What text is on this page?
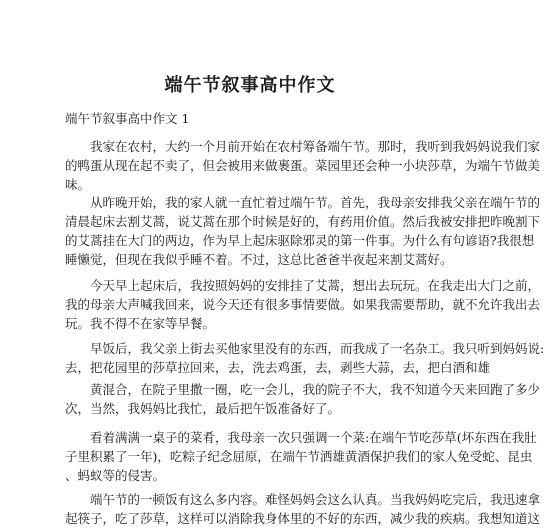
端午节叙事高中作文
端午节叙事高中作文 1
　　我家在农村，大约一个月前开始在农村筹备端午节。那时，我听到我妈妈说我们家
的鸭蛋从现在起不卖了，但会被用来做裹蛋。菜园里还会种一小块莎草，为端午节做美
味。
　　从昨晚开始，我的家人就一直忙着过端午节。首先，我母亲安排我父亲在端午节的
清晨起床去割艾蒿，说艾蒿在那个时候是好的，有药用价值。然后我被安排把昨晚割下
的艾蒿挂在大门的两边，作为早上起床驱除邪灵的第一件事。为什么有句谚语?我很想
睡懒觉，但现在我似乎睡不着。不过，这总比爸爸半夜起来割艾蒿好。
　　今天早上起床后，我按照妈妈的安排挂了艾蒿，想出去玩玩。在我走出大门之前，
我的母亲大声喊我回来，说今天还有很多事情要做。如果我需要帮助，就不允许我出去
玩。我不得不在家等早餐。
　　早饭后，我父亲上街去买他家里没有的东西，而我成了一名杂工。我只听到妈妈说:
去，把花园里的莎草拉回来，去，洗去鸡蛋，去，剥些大蒜，去，把白酒和雄
　　黄混合，在院子里撒一圈，吃一会儿，我的院子不大，我不知道今天来回跑了多少
次，当然，我妈妈比我忙，最后把午饭准备好了。
　　看着满满一桌子的菜肴，我母亲一次只强调一个菜:在端午节吃莎草(坏东西在我肚
子里积累了一年)，吃粽子纪念屈原，在端午节洒雄黄酒保护我们的家人免受蛇、昆虫
、蚂蚁等的侵害。
　　端午节的一顿饭有这么多内容。难怪妈妈会这么认真。当我妈妈吃完后，我迅速拿
起筷子，吃了莎草，这样可以消除我身体里的不好的东西，减少我的疾病。我想知道这
